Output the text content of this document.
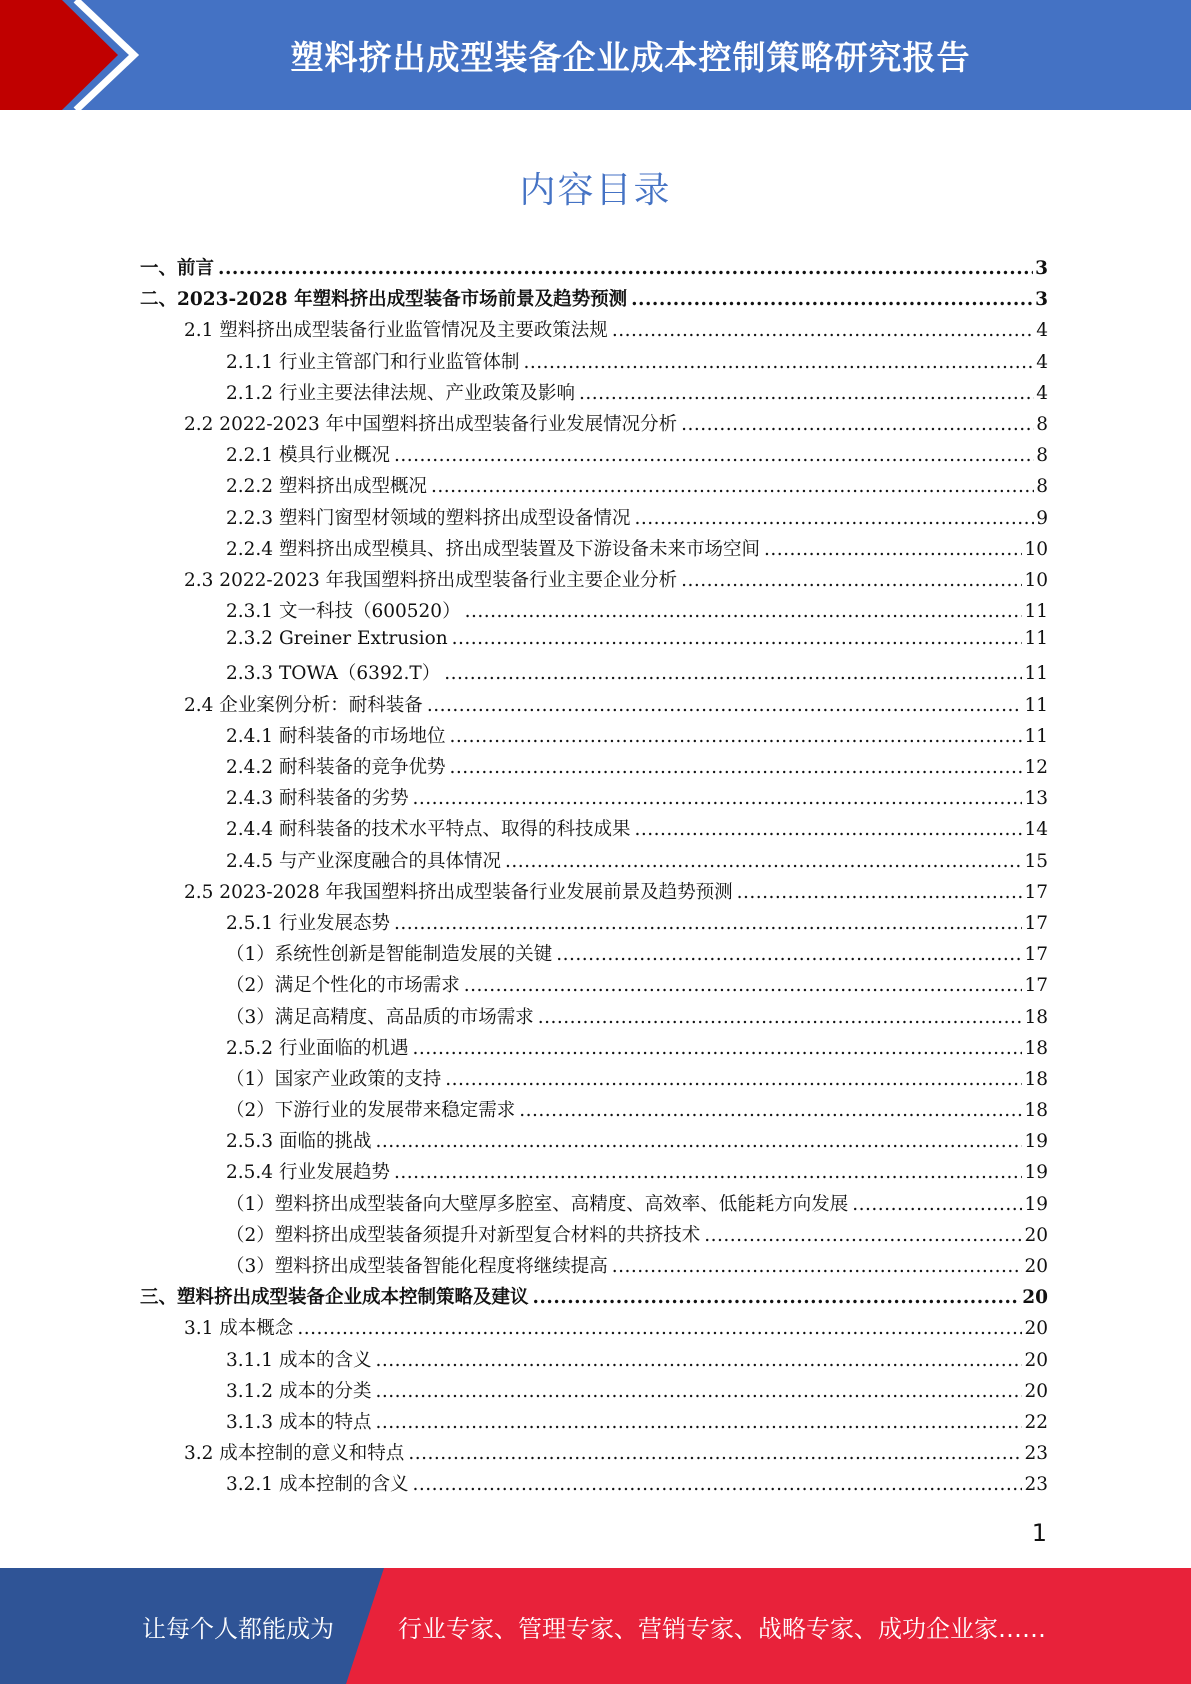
塑料挤出成型装备企业成本控制策略研究报告
内容目录
一、前言 .....	3
二、2023-2028 年塑料挤出成型装备市场前景及趋势预测 .....	3
2.1 塑料挤出成型装备行业监管情况及主要政策法规 .....	4
2.1.1 行业主管部门和行业监管体制 .....	4
2.1.2 行业主要法律法规、产业政策及影响 .....	4
2.2 2022-2023 年中国塑料挤出成型装备行业发展情况分析 .....	8
2.2.1 模具行业概况 .....	8
2.2.2 塑料挤出成型概况 .....	8
2.2.3 塑料门窗型材领域的塑料挤出成型设备情况 .....	9
2.2.4 塑料挤出成型模具、挤出成型装置及下游设备未来市场空间 .....	10
2.3 2022-2023 年我国塑料挤出成型装备行业主要企业分析 .....	10
2.3.1 文一科技（600520） .....	11
2.3.2 Greiner Extrusion .....	11
2.3.3 TOWA（6392.T） .....	11
2.4 企业案例分析：耐科装备 .....	11
2.4.1 耐科装备的市场地位 .....	11
2.4.2 耐科装备的竞争优势 .....	12
2.4.3 耐科装备的劣势 .....	13
2.4.4 耐科装备的技术水平特点、取得的科技成果 .....	14
2.4.5 与产业深度融合的具体情况 .....	15
2.5 2023-2028 年我国塑料挤出成型装备行业发展前景及趋势预测 .....	17
2.5.1 行业发展态势 .....	17
（1）系统性创新是智能制造发展的关键 .....	17
（2）满足个性化的市场需求 .....	17
（3）满足高精度、高品质的市场需求 .....	18
2.5.2 行业面临的机遇 .....	18
（1）国家产业政策的支持 .....	18
（2）下游行业的发展带来稳定需求 .....	18
2.5.3 面临的挑战 .....	19
2.5.4 行业发展趋势 .....	19
（1）塑料挤出成型装备向大壁厚多腔室、高精度、高效率、低能耗方向发展 .....	19
（2）塑料挤出成型装备须提升对新型复合材料的共挤技术 .....	20
（3）塑料挤出成型装备智能化程度将继续提高 .....	20
三、塑料挤出成型装备企业成本控制策略及建议 .....	20
3.1 成本概念 .....	20
3.1.1 成本的含义 .....	20
3.1.2 成本的分类 .....	20
3.1.3 成本的特点 .....	22
3.2 成本控制的意义和特点 .....	23
3.2.1 成本控制的含义 .....	23
1
让每个人都能成为	行业专家、管理专家、营销专家、战略专家、成功企业家……
